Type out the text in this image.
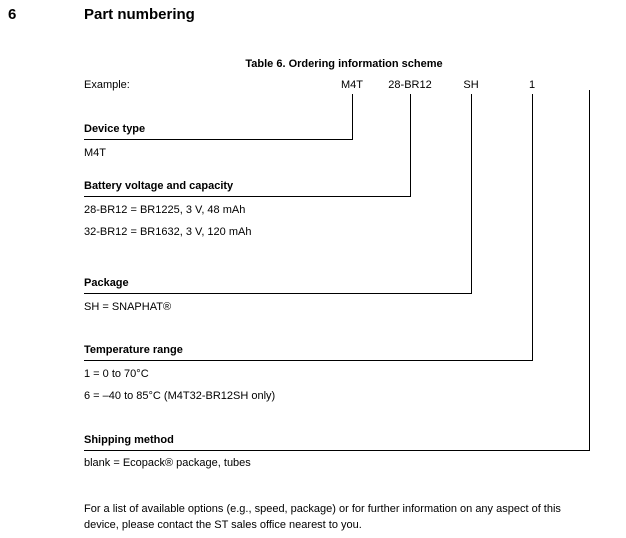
6	Part numbering
Table 6. Ordering information scheme
Example:	M4T 28-BR12	SH	1
Device type
M4T
Battery voltage and capacity
28-BR12 = BR1225, 3 V, 48 mAh
32-BR12 = BR1632, 3 V, 120 mAh
Package
SH = SNAPHAT®
Temperature range
1 = 0 to 70°C
6 = –40 to 85°C (M4T32-BR12SH only)
Shipping method
blank = Ecopack® package, tubes
For a list of available options (e.g., speed, package) or for further information on any aspect of this device, please contact the ST sales office nearest to you.
